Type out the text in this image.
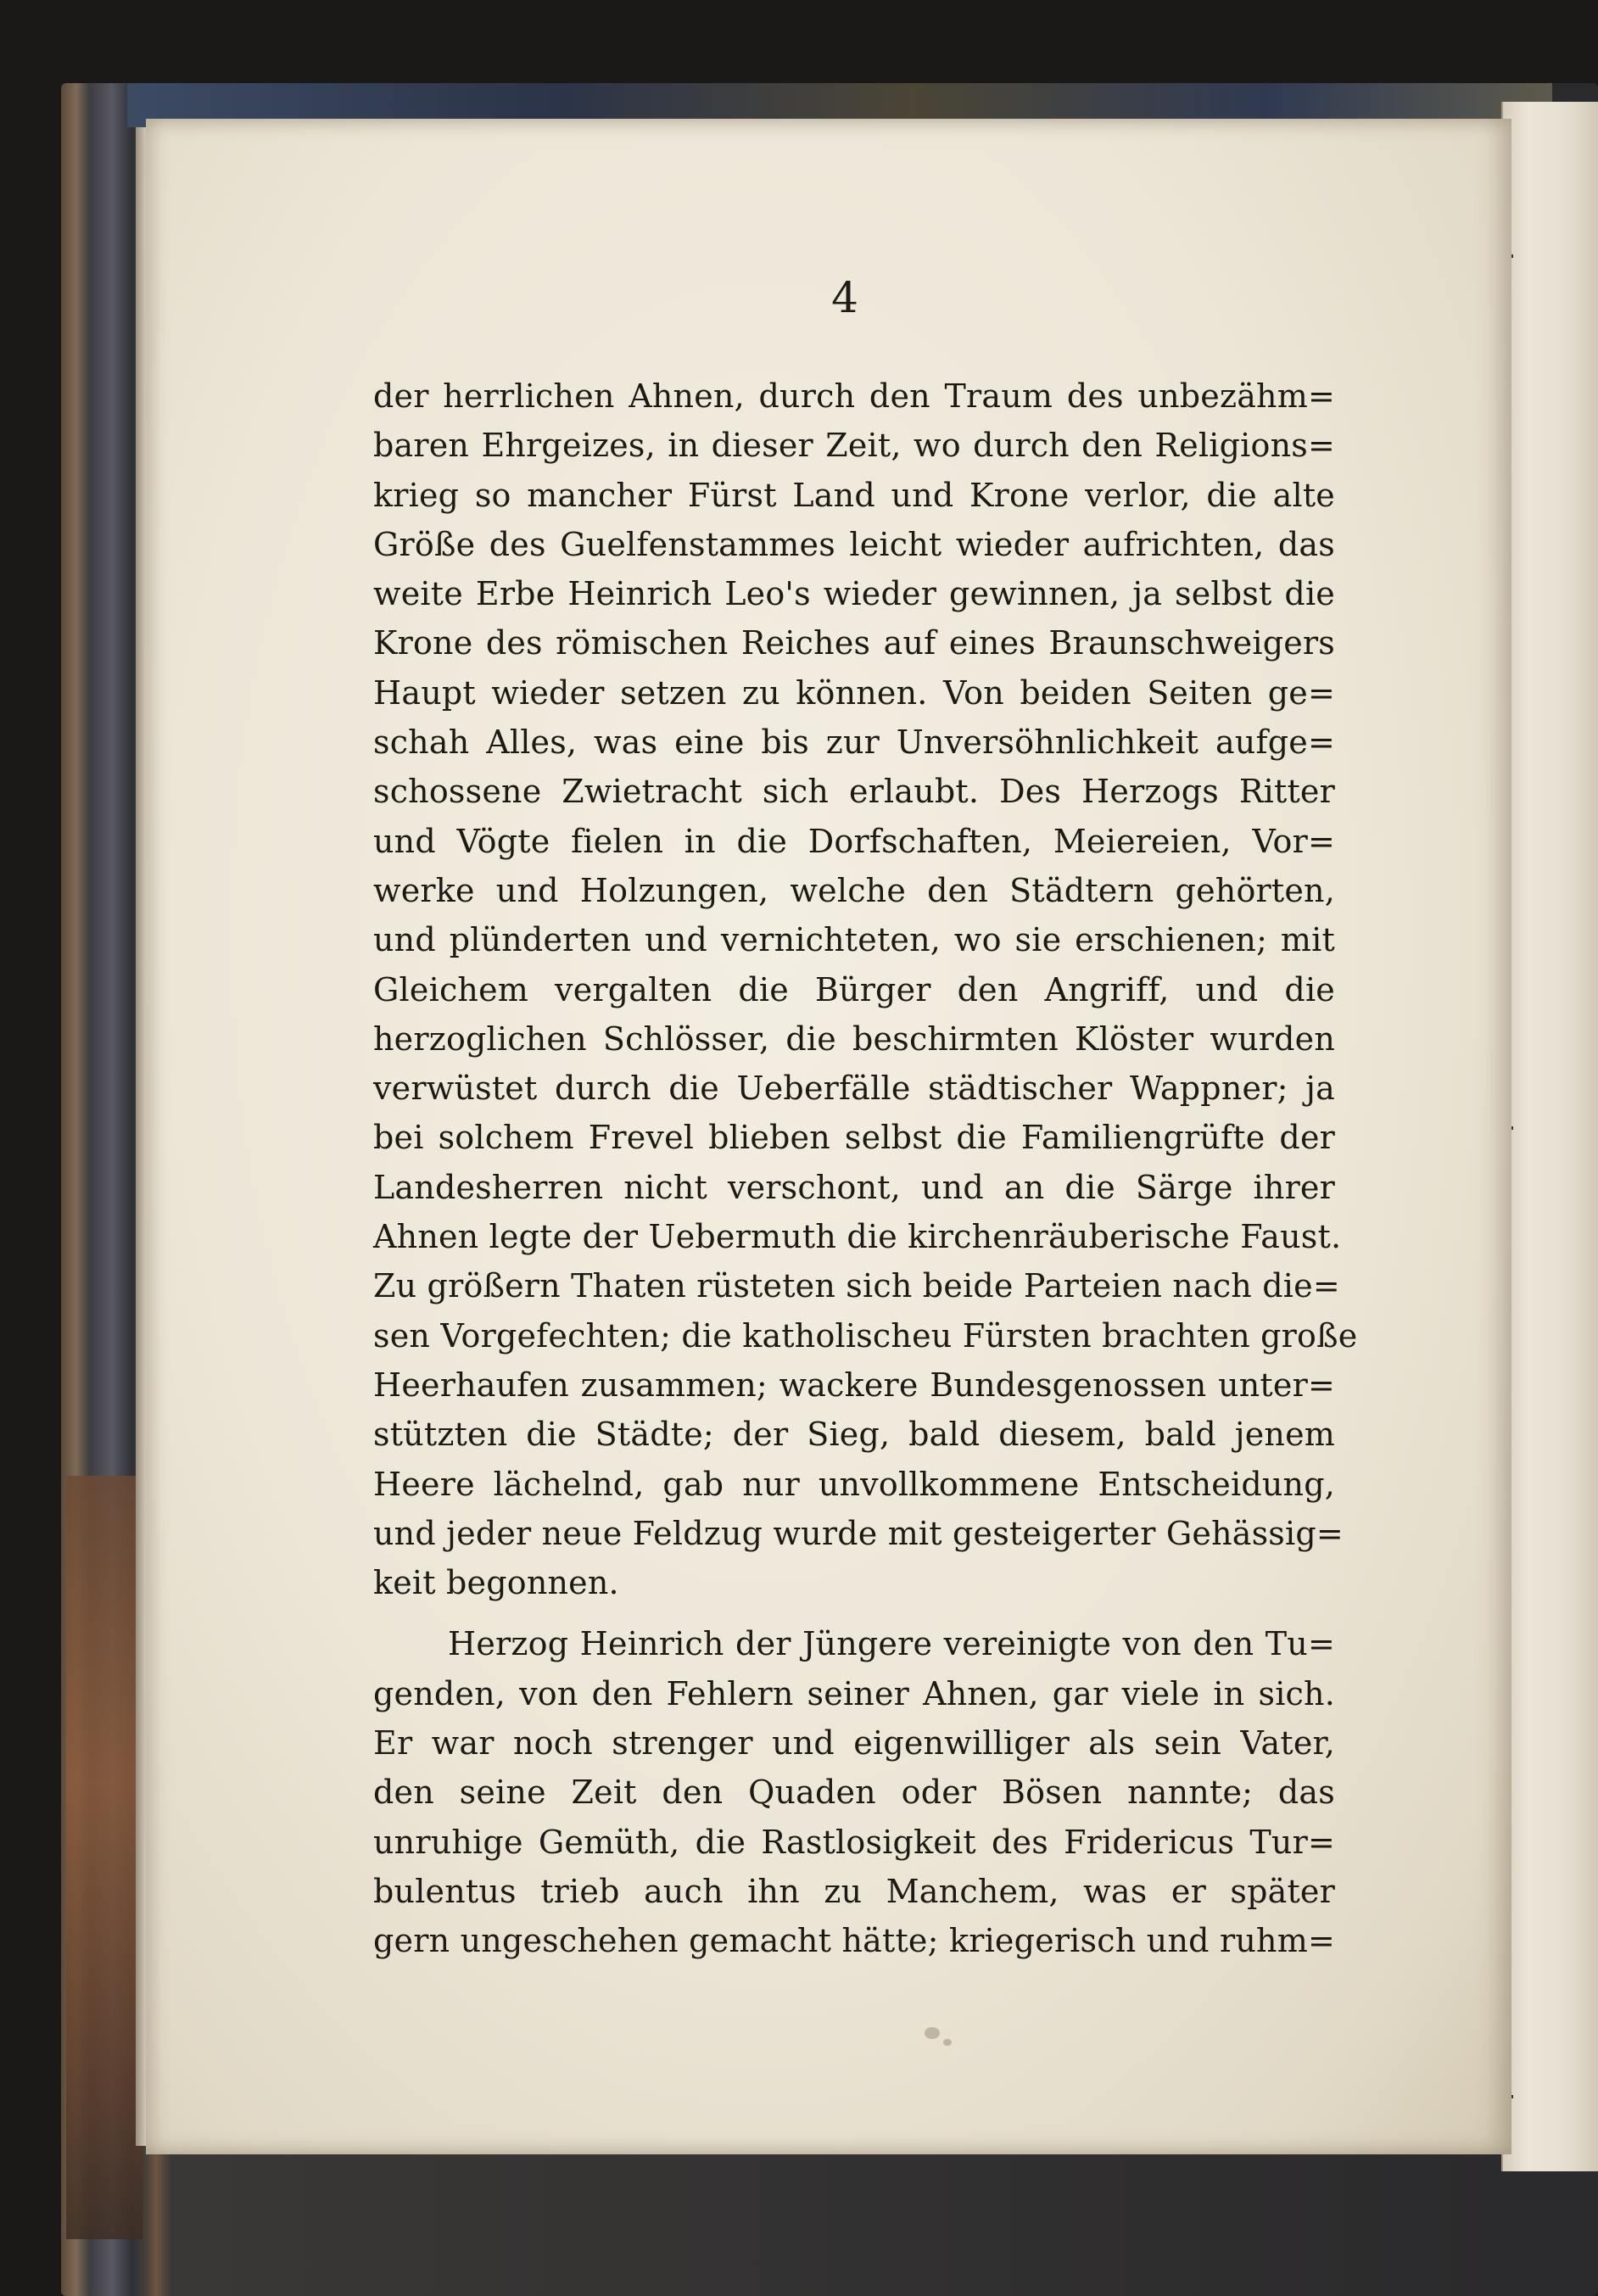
4
der herrlichen Ahnen, durch den Traum des unbezähm=
baren Ehrgeizes, in dieser Zeit, wo durch den Religions=
krieg so mancher Fürst Land und Krone verlor, die alte
Größe des Guelfenstammes leicht wieder aufrichten, das
weite Erbe Heinrich Leo's wieder gewinnen, ja selbst die
Krone des römischen Reiches auf eines Braunschweigers
Haupt wieder setzen zu können. Von beiden Seiten ge=
schah Alles, was eine bis zur Unversöhnlichkeit aufge=
schossene Zwietracht sich erlaubt. Des Herzogs Ritter
und Vögte fielen in die Dorfschaften, Meiereien, Vor=
werke und Holzungen, welche den Städtern gehörten,
und plünderten und vernichteten, wo sie erschienen; mit
Gleichem vergalten die Bürger den Angriff, und die
herzoglichen Schlösser, die beschirmten Klöster wurden
verwüstet durch die Ueberfälle städtischer Wappner; ja
bei solchem Frevel blieben selbst die Familiengrüfte der
Landesherren nicht verschont, und an die Särge ihrer
Ahnen legte der Uebermuth die kirchenräuberische Faust.
Zu größern Thaten rüsteten sich beide Parteien nach die=
sen Vorgefechten; die katholischeu Fürsten brachten große
Heerhaufen zusammen; wackere Bundesgenossen unter=
stützten die Städte; der Sieg, bald diesem, bald jenem
Heere lächelnd, gab nur unvollkommene Entscheidung,
und jeder neue Feldzug wurde mit gesteigerter Gehässig=
keit begonnen.
Herzog Heinrich der Jüngere vereinigte von den Tu=
genden, von den Fehlern seiner Ahnen, gar viele in sich.
Er war noch strenger und eigenwilliger als sein Vater,
den seine Zeit den Quaden oder Bösen nannte; das
unruhige Gemüth, die Rastlosigkeit des Fridericus Tur=
bulentus trieb auch ihn zu Manchem, was er später
gern ungeschehen gemacht hätte; kriegerisch und ruhm=
